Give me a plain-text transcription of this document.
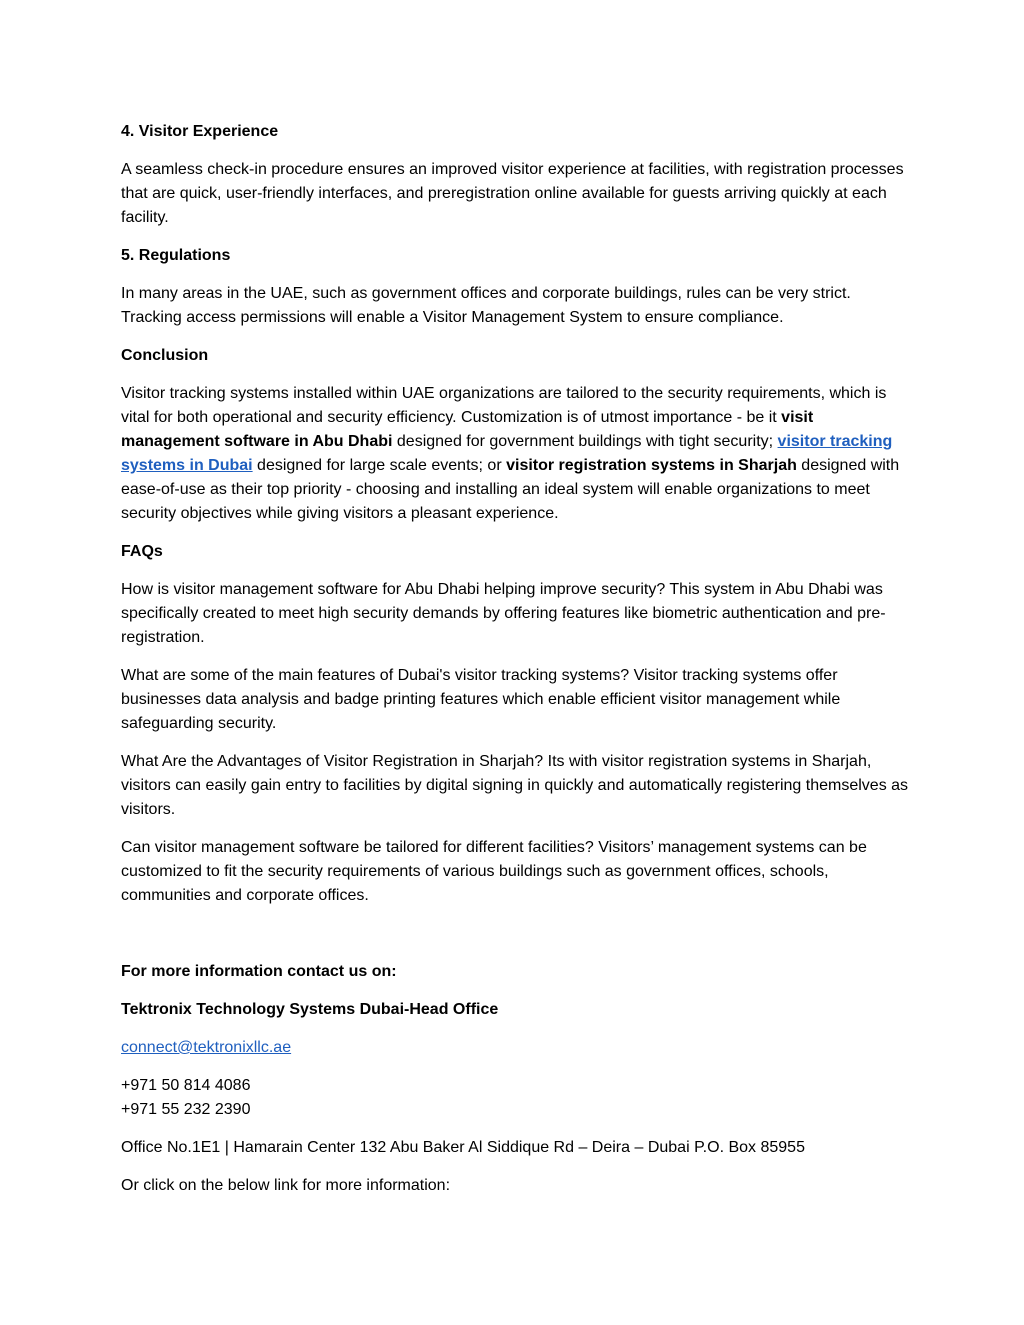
4. Visitor Experience

A seamless check-in procedure ensures an improved visitor experience at facilities, with registration processes that are quick, user-friendly interfaces, and preregistration online available for guests arriving quickly at each facility.

5. Regulations

In many areas in the UAE, such as government offices and corporate buildings, rules can be very strict. Tracking access permissions will enable a Visitor Management System to ensure compliance.

Conclusion

Visitor tracking systems installed within UAE organizations are tailored to the security requirements, which is vital for both operational and security efficiency. Customization is of utmost importance - be it visit management software in Abu Dhabi designed for government buildings with tight security; visitor tracking systems in Dubai designed for large scale events; or visitor registration systems in Sharjah designed with ease-of-use as their top priority - choosing and installing an ideal system will enable organizations to meet security objectives while giving visitors a pleasant experience.

FAQs

How is visitor management software for Abu Dhabi helping improve security? This system in Abu Dhabi was specifically created to meet high security demands by offering features like biometric authentication and pre-registration.

What are some of the main features of Dubai's visitor tracking systems? Visitor tracking systems offer businesses data analysis and badge printing features which enable efficient visitor management while safeguarding security.

What Are the Advantages of Visitor Registration in Sharjah? Its with visitor registration systems in Sharjah, visitors can easily gain entry to facilities by digital signing in quickly and automatically registering themselves as visitors.

Can visitor management software be tailored for different facilities? Visitors’ management systems can be customized to fit the security requirements of various buildings such as government offices, schools, communities and corporate offices.

For more information contact us on:
Tektronix Technology Systems Dubai-Head Office

connect@tektronixllc.ae

+971 50 814 4086
+971 55 232 2390

Office No.1E1 | Hamarain Center 132 Abu Baker Al Siddique Rd – Deira – Dubai P.O. Box 85955

Or click on the below link for more information:
